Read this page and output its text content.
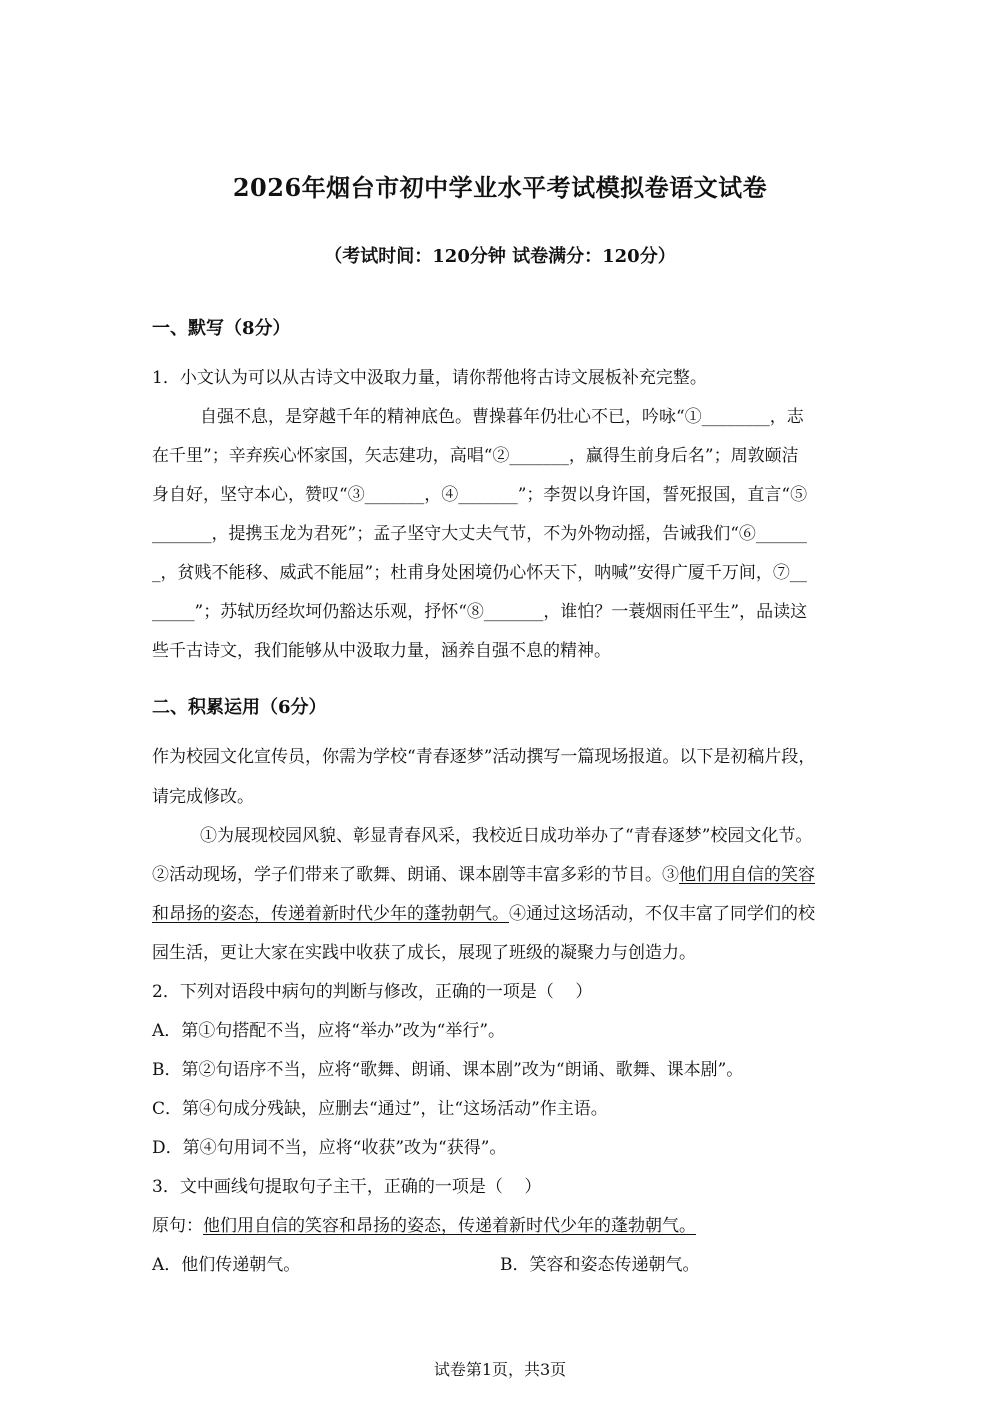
2026年烟台市初中学业水平考试模拟卷语文试卷
（考试时间：120分钟 试卷满分：120分）
一、默写（8分）
1．小文认为可以从古诗文中汲取力量，请你帮他将古诗文展板补充完整。
自强不息，是穿越千年的精神底色。曹操暮年仍壮心不已，吟咏“①________，志
在千里”；辛弃疾心怀家国，矢志建功，高唱“②_______，赢得生前身后名”；周敦颐洁
身自好，坚守本心，赞叹“③_______，④_______”；李贺以身许国，誓死报国，直言“⑤
_______，提携玉龙为君死”；孟子坚守大丈夫气节，不为外物动摇，告诫我们“⑥______
_，贫贱不能移、威武不能屈”；杜甫身处困境仍心怀天下，呐喊”安得广厦千万间，⑦__
_____”；苏轼历经坎坷仍豁达乐观，抒怀“⑧_______，谁怕？一蓑烟雨任平生”，品读这
些千古诗文，我们能够从中汲取力量，涵养自强不息的精神。
二、积累运用（6分）
作为校园文化宣传员，你需为学校“青春逐梦”活动撰写一篇现场报道。以下是初稿片段，
请完成修改。
①为展现校园风貌、彰显青春风采，我校近日成功举办了“青春逐梦”校园文化节。
②活动现场，学子们带来了歌舞、朗诵、课本剧等丰富多彩的节目。③他们用自信的笑容
和昂扬的姿态，传递着新时代少年的蓬勃朝气。④通过这场活动，不仅丰富了同学们的校
园生活，更让大家在实践中收获了成长，展现了班级的凝聚力与创造力。
2．下列对语段中病句的判断与修改，正确的一项是（    ）
A．第①句搭配不当，应将“举办”改为“举行”。
B．第②句语序不当，应将“歌舞、朗诵、课本剧”改为“朗诵、歌舞、课本剧”。
C．第④句成分残缺，应删去“通过”，让“这场活动”作主语。
D．第④句用词不当，应将“收获”改为“获得”。
3．文中画线句提取句子主干，正确的一项是（    ）
原句：他们用自信的笑容和昂扬的姿态，传递着新时代少年的蓬勃朝气。
A．他们传递朝气。	B．笑容和姿态传递朝气。
试卷第1页，共3页
